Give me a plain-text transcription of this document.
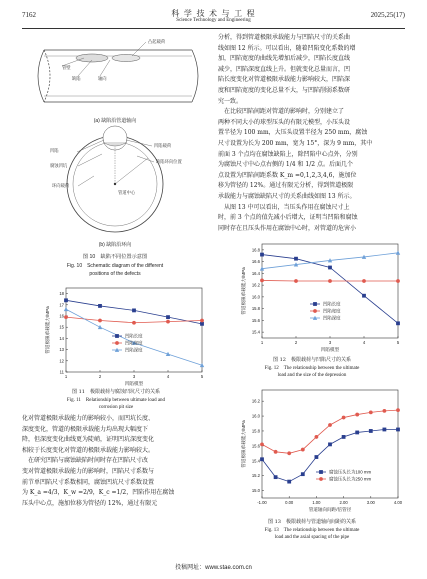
7162	科 学 技 术 与 工 程
Science Technology and Engineering
2025,25(17)
管壁
凸起载荷
缺陷	轴向
(a) 缺陷沿管道轴向
凹陷
腐蚀凹坑
环向载荷
凹陷载荷
缺陷环向位置
管道中心
(b) 缺陷沿环向
图 10　缺陷不同位置示意图
Fig. 10　Schematic diagram of the different
positions of the defects
11
12
13
14
15
16
17
18
1	2	3	4	5
凹陷模型
管道极限承载能力/MPa	凹陷长度
凹陷宽度
凹陷深度
图 11　极限载荷与腐蚀凹坑尺寸的关系
Fig. 11　Relationship between ultimate load and
corrosion pit size

化对管道极限承载能力的影响较小，而凹坑长度、

深度变化，管道的极限承载能力均出现大幅度下

降，但深度变化曲线更为陡峭，证明凹坑深度变化

相较于长度变化对管道的极限承载能力影响较大。

　在研究凹陷与腐蚀缺陷时间时存在凹陷尺寸改

变对管道极限承载能力的影响时，凹陷尺寸系数与

前节单凹陷尺寸系数相同，腐蚀凹坑尺寸系数设置

为 K_a =4/3，K_w =2/9，K_c =1/2，凹陷作用在腐蚀

压头中心点，施加位移为管径的 12%，通过有限元

分析，得到管道极限承载能力与凹陷尺寸的关系曲

线如图 12 所示。可以看出，随着凹陷变化系数的增

加，凹陷宽度的曲线先增加后减少，凹陷长度直线

减少，凹陷深度直线上升。但就变化总量而言，凹

陷长度变化对管道极限承载能力影响较大，凹陷深

度和凹陷宽度的变化总量不大，与凹陷削弱系数研

究一致。

　在比较凹陷间距对管道的影响时，分别建立了

两种不同大小的球型压头的有限元模型，小压头设

置半径为 100 mm，大压头设置半径为 250 mm，腐蚀

尺寸设置为长为 200 mm，宽为 15°，深为 9 mm，其中

前面 3 个点均在腐蚀缺陷上，除凹陷中心点外，分别

为腐蚀尺寸中心点右侧的 1/4 和 1/2 点。后面几个

点设置为凹陷间距系数 K_m =0,1,2,3,4,6，施加位

移为管径的 12%。通过有限元分析，得到管道极限

承载能力与腐蚀缺陷尺寸的关系曲线如图 13 所示。

　从图 13 中可以看出，当压头作用在腐蚀尺寸上

时，前 3 个点的值先减小后增大，证明当凹陷和腐蚀

同时存在且压头作用在腐蚀中心时，对管道的危害小

15.4
15.6
15.8
16.0
16.2
16.4
16.6
16.8
1	2	3	4	5
凹陷模型
管道极限承载能力/MPa	凹陷长度
凹陷宽度
凹陷深度
图 12　极限载荷与凹陷尺寸的关系
Fig. 12　The relationship between the ultimate
load and the size of the depression
15.0
15.2
15.4
15.6
15.8
16.0
16.2
-1.00	0.00	1.00	2.00	3.00	4.00
管道轴向间距/倍管径
管道极限承载能力/MPa
腐蚀压头长为100 mm
腐蚀压头长为250 mm
图 13　极限载荷与管道轴向间距的关系
Fig. 13　The relationship between the ultimate
load and the axial spacing of the pipe
投稿网址：www.stae.com.cn
